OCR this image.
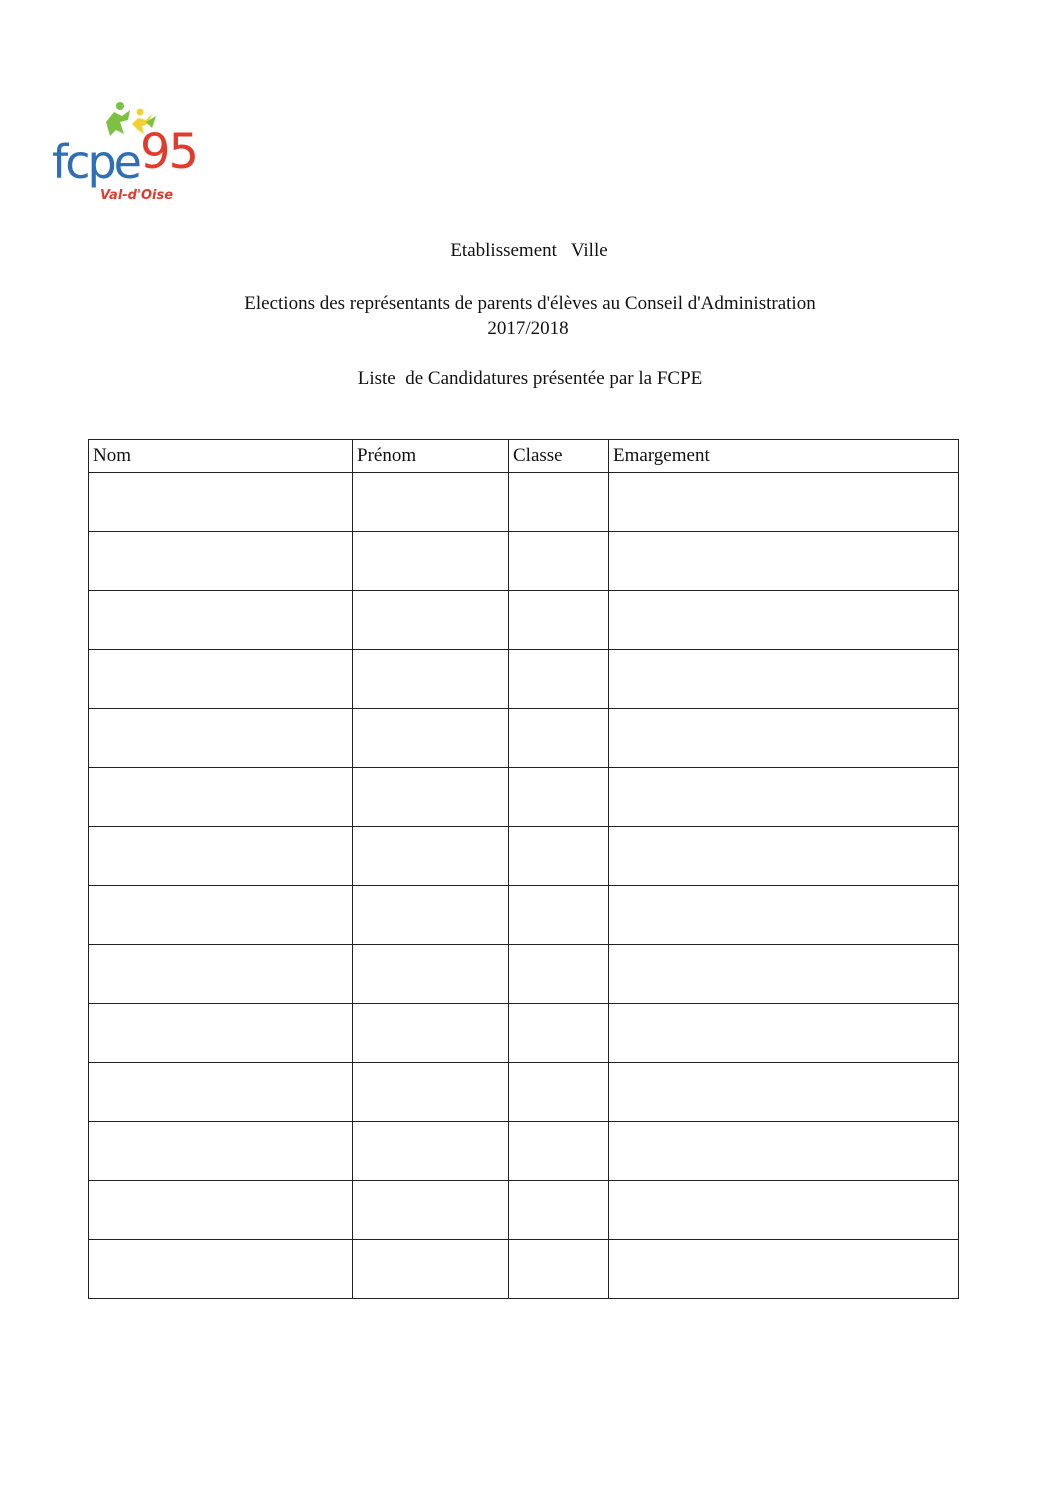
fcpe 95
Val-d'Oise
Etablissement   Ville
Elections des représentants de parents d'élèves au Conseil d'Administration
2017/2018
Liste  de Candidatures présentée par la FCPE
Nom	Prénom	Classe	Emargement
